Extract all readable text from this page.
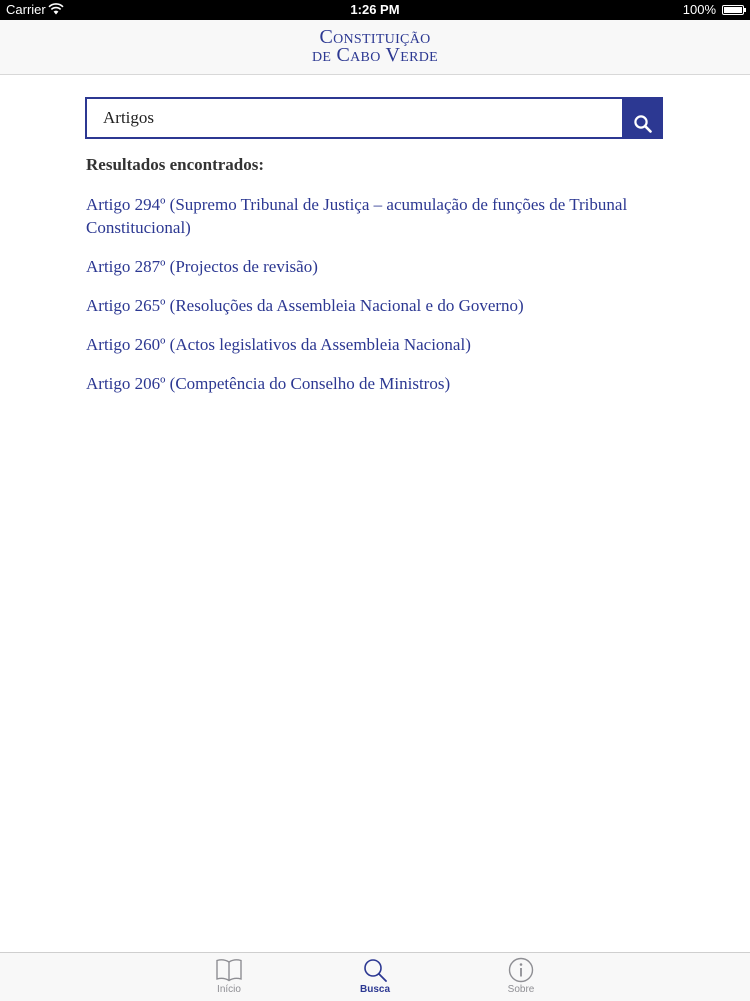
Carrier	1:26 PM	100%
Constituição
de Cabo Verde
Artigos
Resultados encontrados:
Artigo 294º (Supremo Tribunal de Justiça – acumulação de funções de Tribunal Constitucional)
Artigo 287º (Projectos de revisão)
Artigo 265º (Resoluções da Assembleia Nacional e do Governo)
Artigo 260º (Actos legislativos da Assembleia Nacional)
Artigo 206º (Competência do Conselho de Ministros)
Início	Busca	Sobre
